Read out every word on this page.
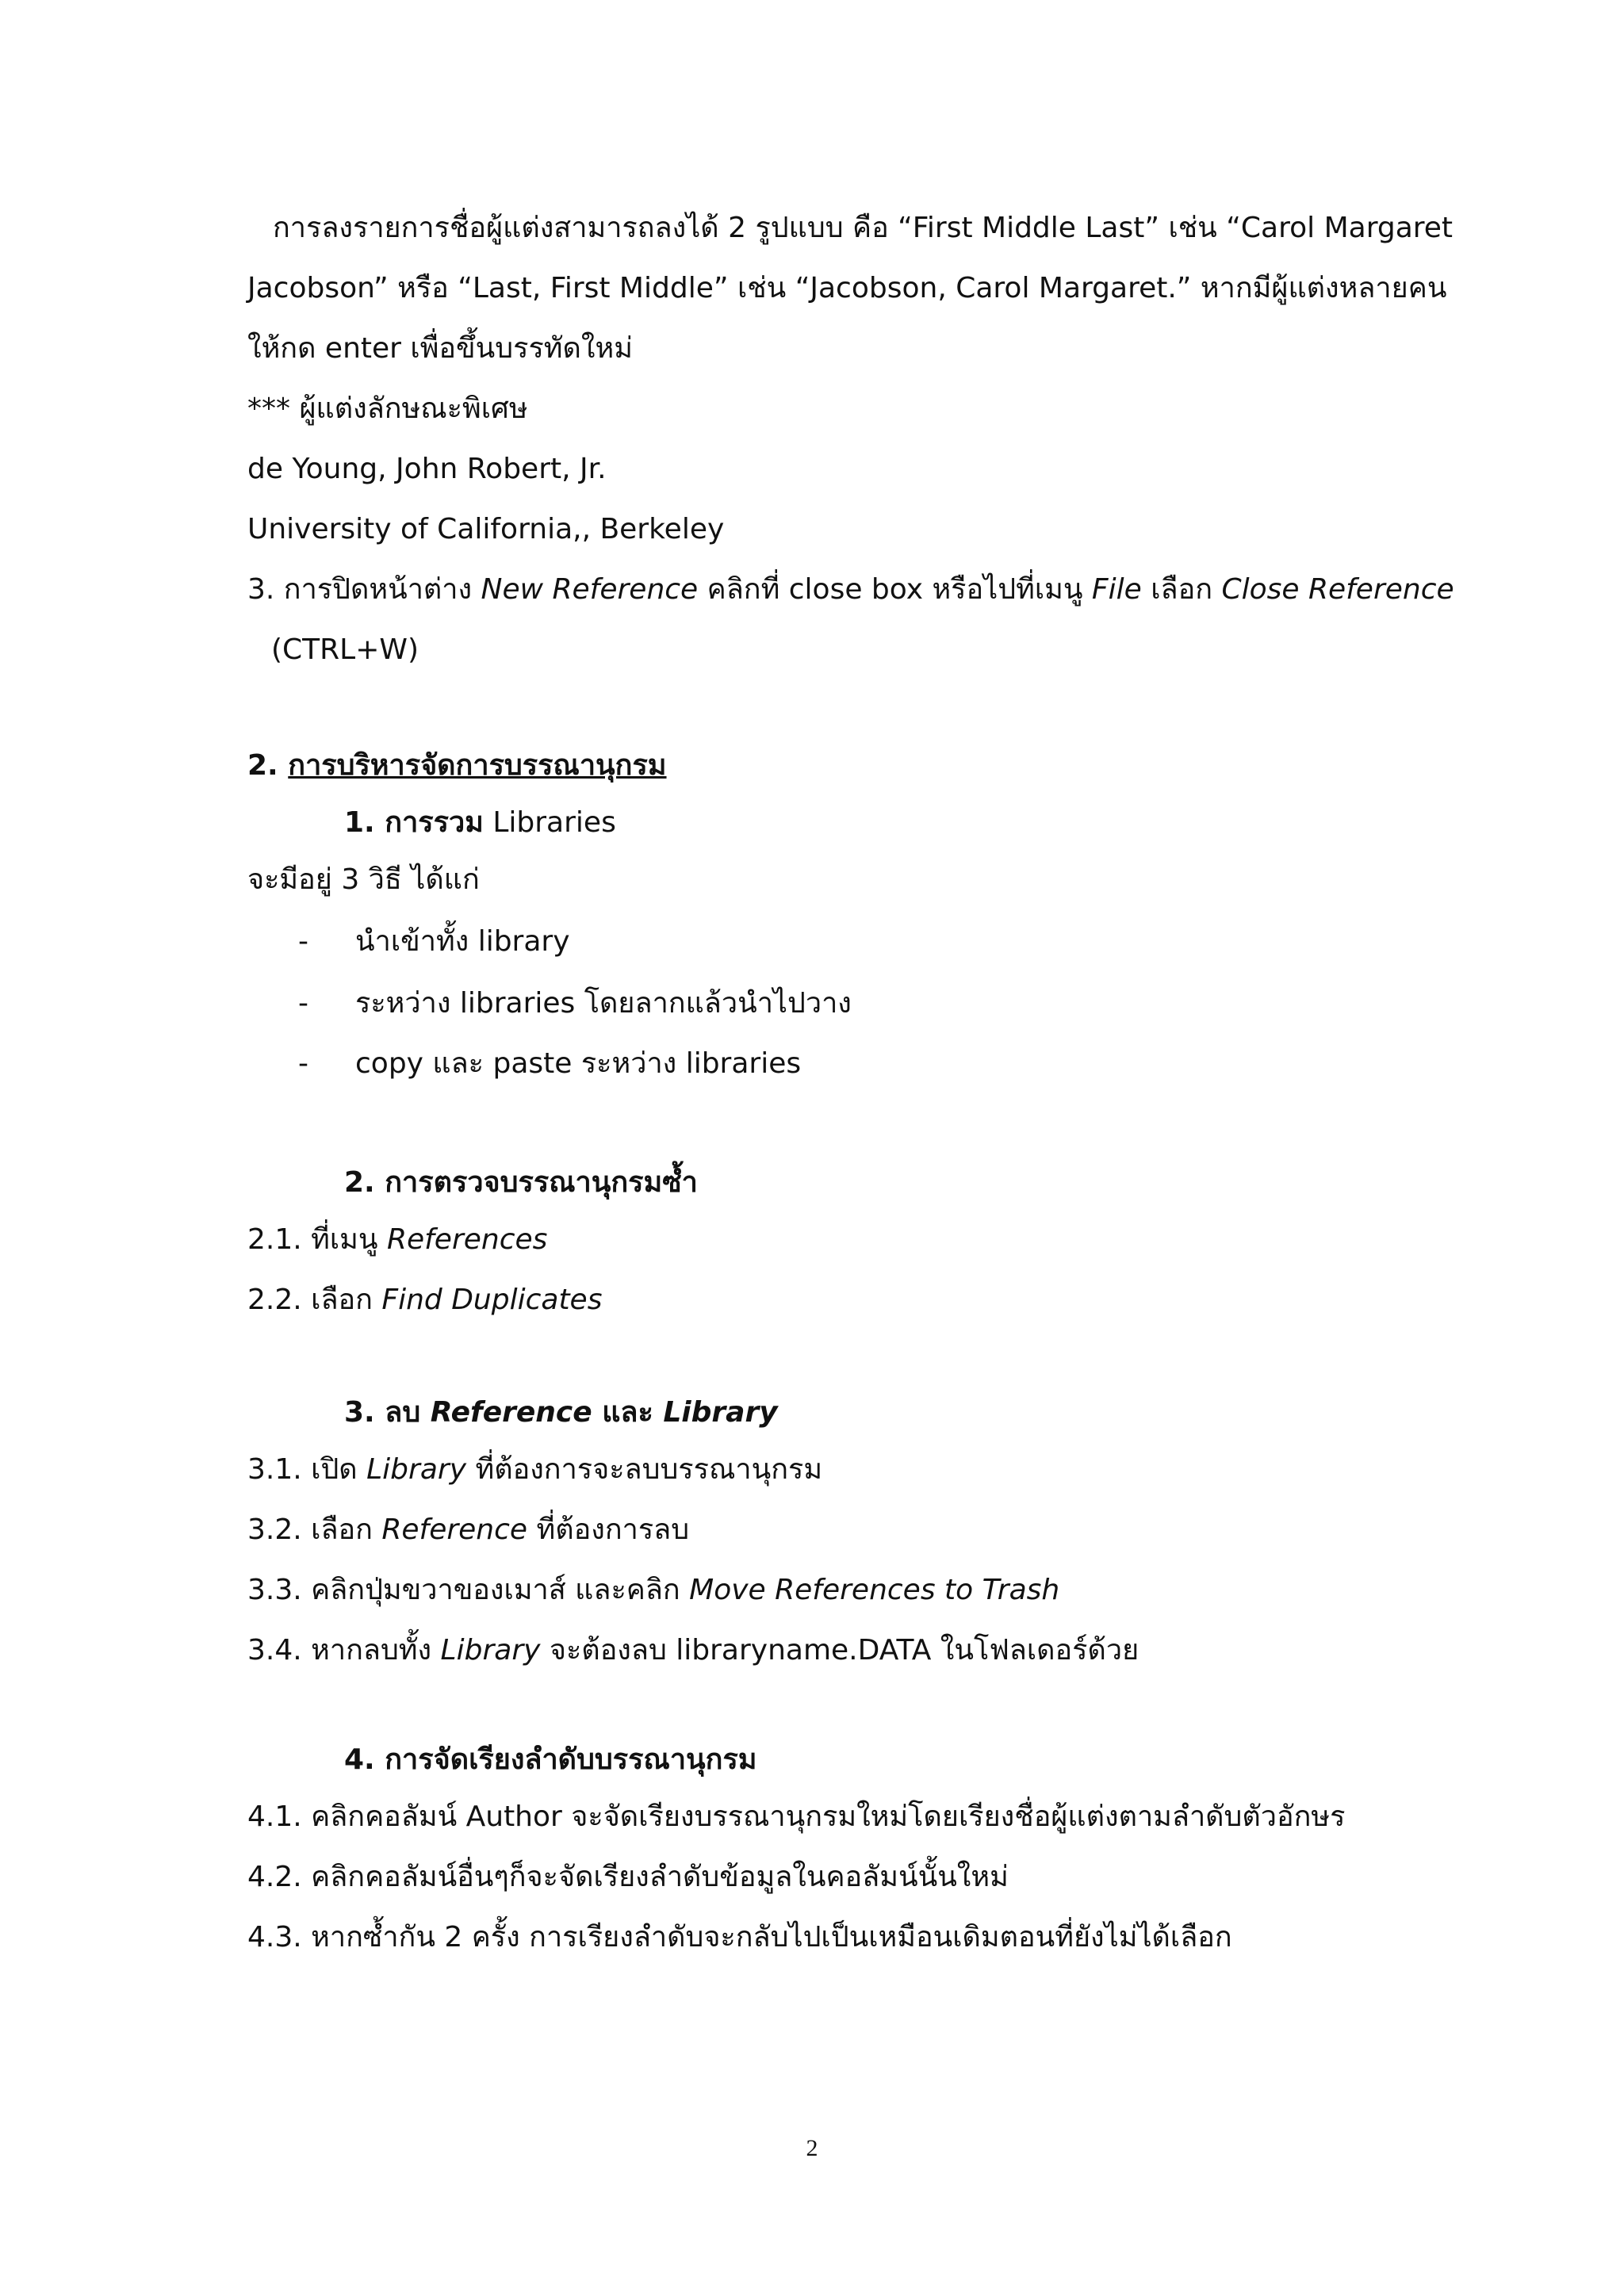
การลงรายการชื่อผู้แต่งสามารถลงได้ 2 รูปแบบ คือ “First Middle Last” เช่น “Carol Margaret
Jacobson” หรือ “Last, First Middle” เช่น “Jacobson, Carol Margaret.” หากมีผู้แต่งหลายคน
ให้กด enter เพื่อขึ้นบรรทัดใหม่
*** ผู้แต่งลักษณะพิเศษ
de Young, John Robert, Jr.
University of California,, Berkeley
3. การปิดหน้าต่าง New Reference คลิกที่ close box หรือไปที่เมนู File เลือก Close Reference
(CTRL+W)
2. การบริหารจัดการบรรณานุกรม
1. การรวม Libraries
จะมีอยู่ 3 วิธี ได้แก่
- นำเข้าทั้ง library
- ระหว่าง libraries โดยลากแล้วนำไปวาง
- copy และ paste ระหว่าง libraries
2. การตรวจบรรณานุกรมซ้ำ
2.1. ที่เมนู References
2.2. เลือก Find Duplicates
3. ลบ Reference และ Library
3.1. เปิด Library ที่ต้องการจะลบบรรณานุกรม
3.2. เลือก Reference ที่ต้องการลบ
3.3. คลิกปุ่มขวาของเมาส์ และคลิก Move References to Trash
3.4. หากลบทั้ง Library จะต้องลบ libraryname.DATA ในโฟลเดอร์ด้วย
4. การจัดเรียงลำดับบรรณานุกรม
4.1. คลิกคอลัมน์ Author จะจัดเรียงบรรณานุกรมใหม่โดยเรียงชื่อผู้แต่งตามลำดับตัวอักษร
4.2. คลิกคอลัมน์อื่นๆก็จะจัดเรียงลำดับข้อมูลในคอลัมน์นั้นใหม่
4.3. หากซ้ำกัน 2 ครั้ง การเรียงลำดับจะกลับไปเป็นเหมือนเดิมตอนที่ยังไม่ได้เลือก
2
